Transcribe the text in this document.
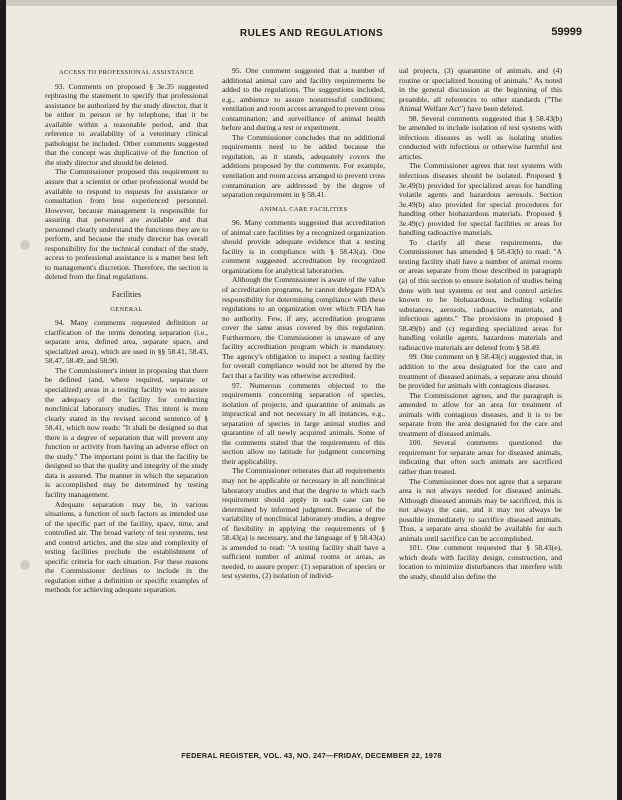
RULES AND REGULATIONS	59999

ACCESS TO PROFESSIONAL ASSISTANCE

93. Comments on proposed § 3e.35 suggested rephrasing the statement to specify that professional assistance be authorized by the study director, that it be either in person or by telephone, that it be available within a reasonable period, and that reference to availability of a veterinary clinical pathologist be included. Other comments suggested that the concept was duplicative of the function of the study director and should be deleted.

The Commissioner proposed this requirement to assure that a scientist or other professional would be available to respond to requests for assistance or consultation from less experienced personnel. However, because management is responsible for assuring that personnel are available and that personnel clearly understand the functions they are to perform, and because the study director has overall responsibility for the technical conduct of the study, access to professional assistance is a matter best left to management's discretion. Therefore, the section is deleted from the final regulations.

Facilities

GENERAL

94. Many comments requested definition or clarification of the terms denoting separation (i.e., separate area, defined area, separate space, and specialized area), which are used in §§ 58.41, 58.43, 58.47, 58.49, and 58.90.

The Commissioner's intent in proposing that there be defined (and, where required, separate or specialized) areas in a testing facility was to assure the adequacy of the facility for conducting nonclinical laboratory studies. This intent is more clearly stated in the revised second sentence of § 58.41, which now reads: "It shall be designed so that there is a degree of separation that will prevent any function or activity from having an adverse effect on the study." The important point is that the facility be designed so that the quality and integrity of the study data is assured. The manner in which the separation is accomplished may be determined by testing facility management.

Adequate separation may be, in various situations, a function of such factors as intended use of the specific part of the facility, space, time, and controlled air. The broad variety of test systems, test and control articles, and the size and complexity of testing facilities preclude the establishment of specific criteria for each situation. For these reasons the Commissioner declines to include in the regulation either a definition or specific examples of methods for achieving adequate separation.

95. One comment suggested that a number of additional animal care and facility requirements be added to the regulations. The suggestions included, e.g., ambience to assure nonstressful conditions; ventilation and room access arranged to prevent cross contamination; and surveillance of animal health before and during a test or experiment.

The Commissioner concludes that no additional requirements need to be added because the regulation, as it stands, adequately covers the additions proposed by the comments. For example, ventilation and room access arranged to prevent cross contamination are addressed by the degree of separation requirement in § 58.41.

ANIMAL CARE FACILITIES

96. Many comments suggested that accreditation of animal care facilities by a recognized organization should provide adequate evidence that a testing facility is in compliance with § 58.43(a). One comment suggested accreditation by recognized organizations for analytical laboratories.

Although the Commissioner is aware of the value of accreditation programs, he cannot delegate FDA's responsibility for determining compliance with these regulations to an organization over which FDA has no authority. Few, if any, accreditation programs cover the same areas covered by this regulation. Furthermore, the Commissioner is unaware of any facility accreditation program which is mandatory. The agency's obligation to inspect a testing facility for overall compliance would not be altered by the fact that a facility was otherwise accredited.

97. Numerous comments objected to the requirements concerning separation of species, isolation of projects, and quarantine of animals as impractical and not necessary in all instances, e.g., separation of species in large animal studies and quarantine of all newly acquired animals. Some of the comments stated that the requirements of this section allow no latitude for judgment concerning their applicability.

The Commissioner reiterates that all requirements may not be applicable or necessary in all nonclinical laboratory studies and that the degree to which each requirement should apply in each case can be determined by informed judgment. Because of the variability of nonclinical laboratory studies, a degree of flexibility in applying the requirements of § 58.43(a) is necessary, and the language of § 58.43(a) is amended to read: "A testing facility shall have a sufficient number of animal rooms or areas, as needed, to assure proper: (1) separation of species or test systems, (2) isolation of individ-

ual projects, (3) quarantine of animals, and (4) routine or specialized housing of animals." As noted in the general discussion at the beginning of this preamble, all references to other standards ("The Animal Welfare Act") have been deleted.

98. Several comments suggested that § 58.43(b) be amended to include isolation of test systems with infectious diseases as well as isolating studies conducted with infectious or otherwise harmful test articles.

The Commissioner agrees that test systems with infectious diseases should be isolated. Proposed § 3e.49(b) provided for specialized areas for handling volatile agents and hazardous aerosols. Section 3e.49(b) also provided for special procedures for handling other biohazardous materials. Proposed § 3e.49(c) provided for special facilities or areas for handling radioactive materials.

To clarify all these requirements, the Commissioner has amended § 58.43(b) to read: "A testing facility shall have a number of animal rooms or areas separate from those described in paragraph (a) of this section to ensure isolation of studies being done with test systems or test and control articles known to be biohazardous, including volatile substances, aerosols, radioactive materials, and infectious agents." The provisions in proposed § 58.49(b) and (c) regarding specialized areas for handling volatile agents, hazardous materials and radioactive materials are deleted from § 58.49.

99. One comment on § 58.43(c) suggested that, in addition to the area designated for the care and treatment of diseased animals, a separate area should be provided for animals with contagious diseases.

The Commissioner agrees, and the paragraph is amended to allow for an area for treatment of animals with contagious diseases, and it is to be separate from the area designated for the care and treatment of diseased animals.

100. Several comments questioned the requirement for separate areas for diseased animals, indicating that often such animals are sacrificed rather than treated.

The Commissioner does not agree that a separate area is not always needed for diseased animals. Although diseased animals may be sacrificed, this is not always the case, and it may not always be possible immediately to sacrifice diseased animals. Thus, a separate area should be available for such animals until sacrifice can be accomplished.

101. One comment requested that § 58.43(e), which deals with facility design, construction, and location to minimize disturbances that interfere with the study, should also define the

FEDERAL REGISTER, VOL. 43, NO. 247—FRIDAY, DECEMBER 22, 1978
